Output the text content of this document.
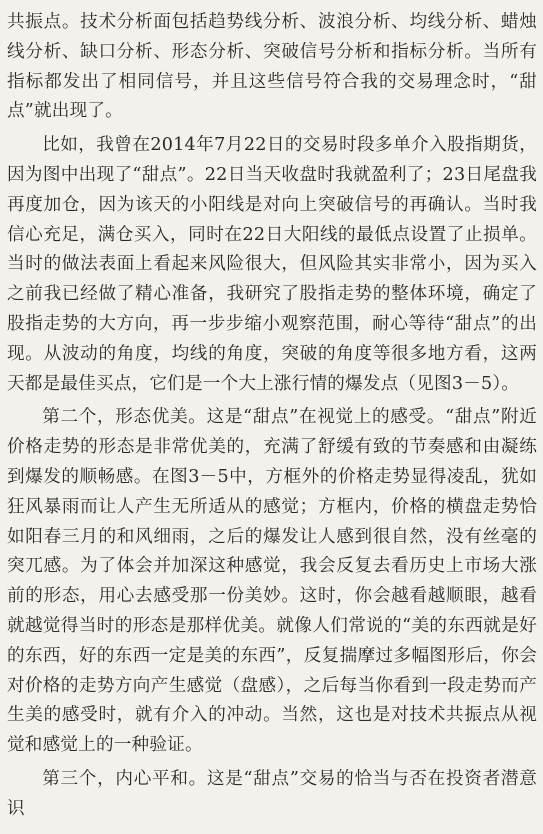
共振点。技术分析面包括趋势线分析、波浪分析、均线分析、蜡烛线分析、缺口分析、形态分析、突破信号分析和指标分析。当所有指标都发出了相同信号，并且这些信号符合我的交易理念时，“甜点”就出现了。

比如，我曾在2014年7月22日的交易时段多单介入股指期货，因为图中出现了“甜点”。22日当天收盘时我就盈利了；23日尾盘我再度加仓，因为该天的小阳线是对向上突破信号的再确认。当时我信心充足，满仓买入，同时在22日大阳线的最低点设置了止损单。当时的做法表面上看起来风险很大，但风险其实非常小，因为买入之前我已经做了精心准备，我研究了股指走势的整体环境，确定了股指走势的大方向，再一步步缩小观察范围，耐心等待“甜点”的出现。从波动的角度，均线的角度，突破的角度等很多地方看，这两天都是最佳买点，它们是一个大上涨行情的爆发点（见图3－5）。

第二个，形态优美。这是“甜点”在视觉上的感受。“甜点”附近价格走势的形态是非常优美的，充满了舒缓有致的节奏感和由凝练到爆发的顺畅感。在图3－5中，方框外的价格走势显得凌乱，犹如狂风暴雨而让人产生无所适从的感觉；方框内，价格的横盘走势恰如阳春三月的和风细雨，之后的爆发让人感到很自然，没有丝毫的突兀感。为了体会并加深这种感觉，我会反复去看历史上市场大涨前的形态，用心去感受那一份美妙。这时，你会越看越顺眼，越看就越觉得当时的形态是那样优美。就像人们常说的“美的东西就是好的东西，好的东西一定是美的东西”，反复揣摩过多幅图形后，你会对价格的走势方向产生感觉（盘感），之后每当你看到一段走势而产生美的感受时，就有介入的冲动。当然，这也是对技术共振点从视觉和感觉上的一种验证。

第三个，内心平和。这是“甜点”交易的恰当与否在投资者潜意识
